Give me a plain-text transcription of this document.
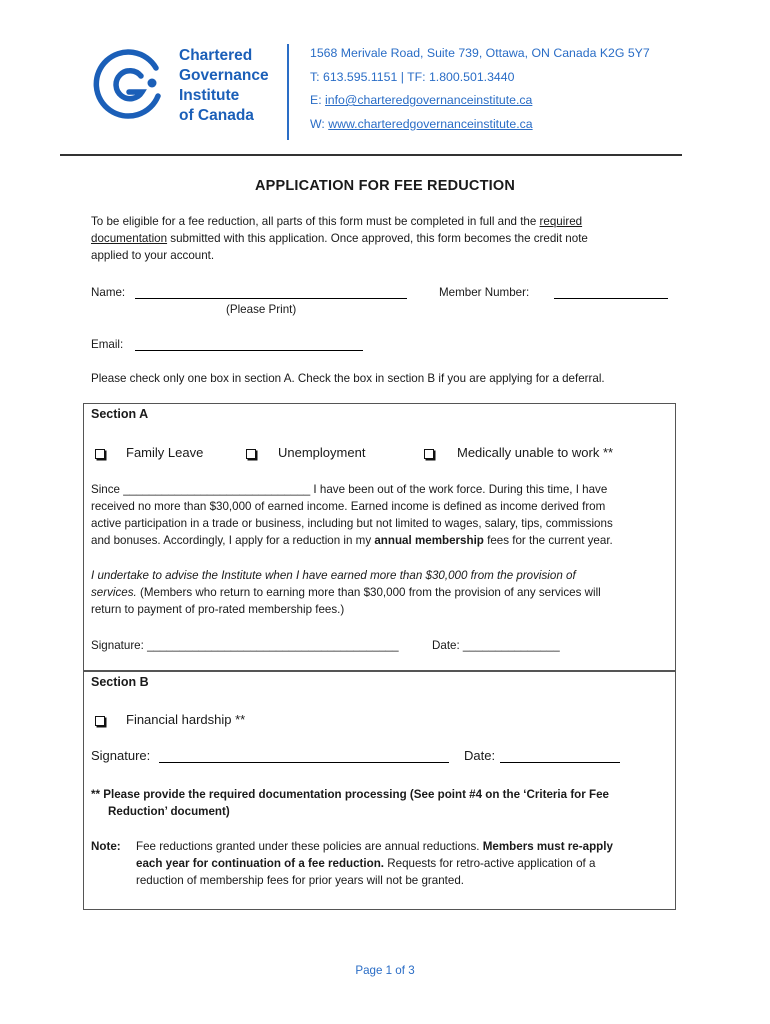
Chartered
Governance
Institute
of Canada
1568 Merivale Road, Suite 739, Ottawa, ON Canada K2G 5Y7
T: 613.595.1151 | TF: 1.800.501.3440
E: info@charteredgovernanceinstitute.ca
W: www.charteredgovernanceinstitute.ca
APPLICATION FOR FEE REDUCTION
To be eligible for a fee reduction, all parts of this form must be completed in full and the required
documentation submitted with this application. Once approved, this form becomes the credit note
applied to your account.
Name:
(Please Print)
Member Number:
Email:
Please check only one box in section A. Check the box in section B if you are applying for a deferral.
Section A
Family Leave	Unemployment	Medically unable to work **
Since _____________________________ I have been out of the work force. During this time, I have
received no more than $30,000 of earned income. Earned income is defined as income derived from
active participation in a trade or business, including but not limited to wages, salary, tips, commissions
and bonuses. Accordingly, I apply for a reduction in my annual membership fees for the current year.
I undertake to advise the Institute when I have earned more than $30,000 from the provision of
services. (Members who return to earning more than $30,000 from the provision of any services will
return to payment of pro-rated membership fees.)
Signature: _______________________________________	Date: _______________
Section B
Financial hardship **
Signature:	Date:
** Please provide the required documentation processing (See point #4 on the ‘Criteria for Fee
Reduction’ document)
Note: Fee reductions granted under these policies are annual reductions. Members must re-apply
each year for continuation of a fee reduction. Requests for retro-active application of a
reduction of membership fees for prior years will not be granted.
Page 1 of 3
